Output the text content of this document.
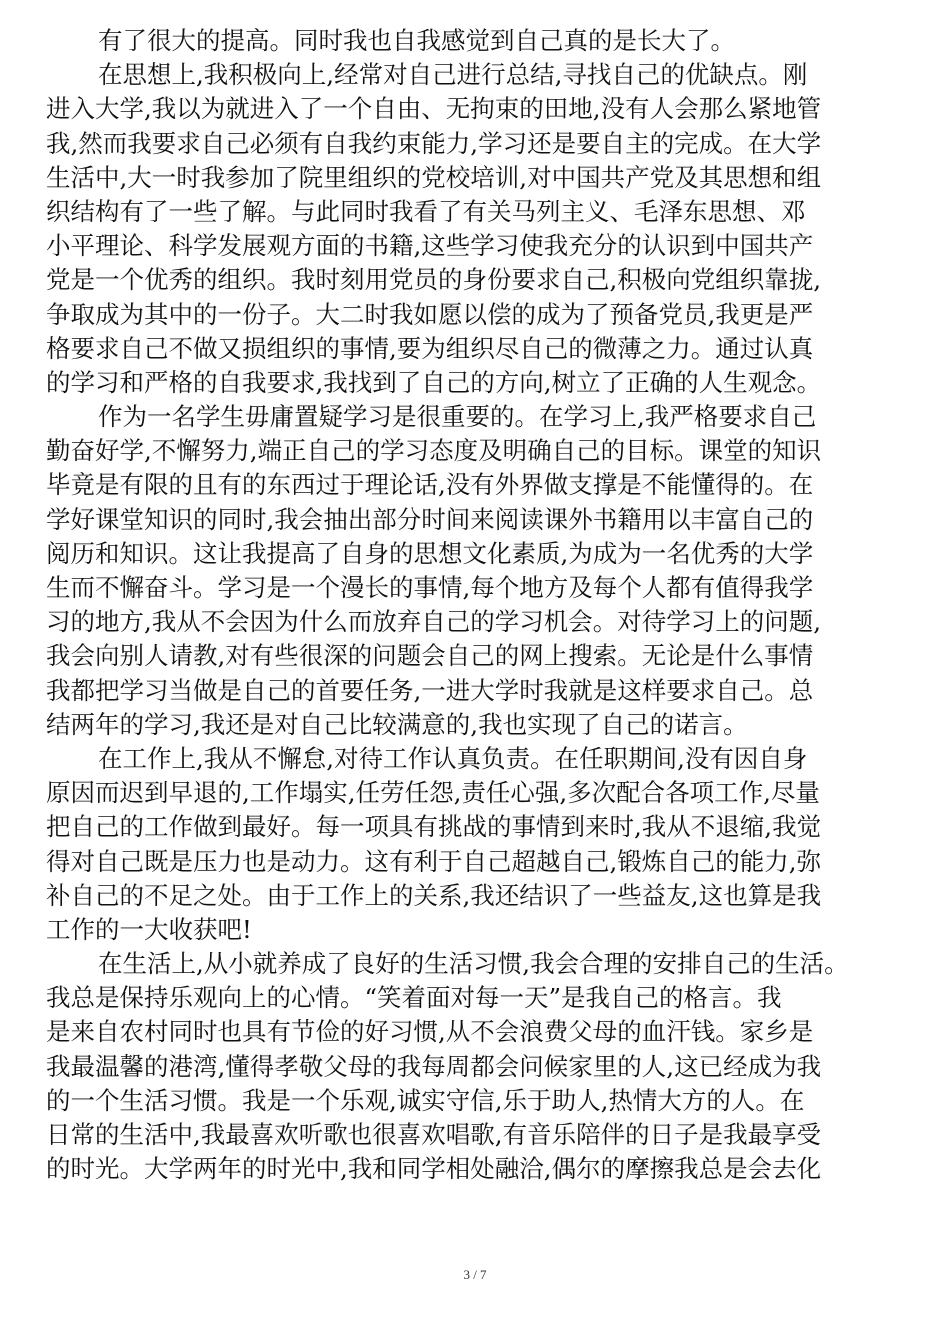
有了很大的提高。同时我也自我感觉到自己真的是长大了。
在思想上,我积极向上,经常对自己进行总结,寻找自己的优缺点。刚
进入大学,我以为就进入了一个自由、无拘束的田地,没有人会那么紧地管
我,然而我要求自己必须有自我约束能力,学习还是要自主的完成。在大学
生活中,大一时我参加了院里组织的党校培训,对中国共产党及其思想和组
织结构有了一些了解。与此同时我看了有关马列主义、毛泽东思想、邓
小平理论、科学发展观方面的书籍,这些学习使我充分的认识到中国共产
党是一个优秀的组织。我时刻用党员的身份要求自己,积极向党组织靠拢,
争取成为其中的一份子。大二时我如愿以偿的成为了预备党员,我更是严
格要求自己不做又损组织的事情,要为组织尽自己的微薄之力。通过认真
的学习和严格的自我要求,我找到了自己的方向,树立了正确的人生观念。
作为一名学生毋庸置疑学习是很重要的。在学习上,我严格要求自己
勤奋好学,不懈努力,端正自己的学习态度及明确自己的目标。课堂的知识
毕竟是有限的且有的东西过于理论话,没有外界做支撑是不能懂得的。在
学好课堂知识的同时,我会抽出部分时间来阅读课外书籍用以丰富自己的
阅历和知识。这让我提高了自身的思想文化素质,为成为一名优秀的大学
生而不懈奋斗。学习是一个漫长的事情,每个地方及每个人都有值得我学
习的地方,我从不会因为什么而放弃自己的学习机会。对待学习上的问题,
我会向别人请教,对有些很深的问题会自己的网上搜索。无论是什么事情
我都把学习当做是自己的首要任务,一进大学时我就是这样要求自己。总
结两年的学习,我还是对自己比较满意的,我也实现了自己的诺言。
在工作上,我从不懈怠,对待工作认真负责。在任职期间,没有因自身
原因而迟到早退的,工作塌实,任劳任怨,责任心强,多次配合各项工作,尽量
把自己的工作做到最好。每一项具有挑战的事情到来时,我从不退缩,我觉
得对自己既是压力也是动力。这有利于自己超越自己,锻炼自己的能力,弥
补自己的不足之处。由于工作上的关系,我还结识了一些益友,这也算是我
工作的一大收获吧!
在生活上,从小就养成了良好的生活习惯,我会合理的安排自己的生活。
我总是保持乐观向上的心情。“笑着面对每一天”是我自己的格言。我
是来自农村同时也具有节俭的好习惯,从不会浪费父母的血汗钱。家乡是
我最温馨的港湾,懂得孝敬父母的我每周都会问候家里的人,这已经成为我
的一个生活习惯。我是一个乐观,诚实守信,乐于助人,热情大方的人。在
日常的生活中,我最喜欢听歌也很喜欢唱歌,有音乐陪伴的日子是我最享受
的时光。大学两年的时光中,我和同学相处融洽,偶尔的摩擦我总是会去化
3 / 7
